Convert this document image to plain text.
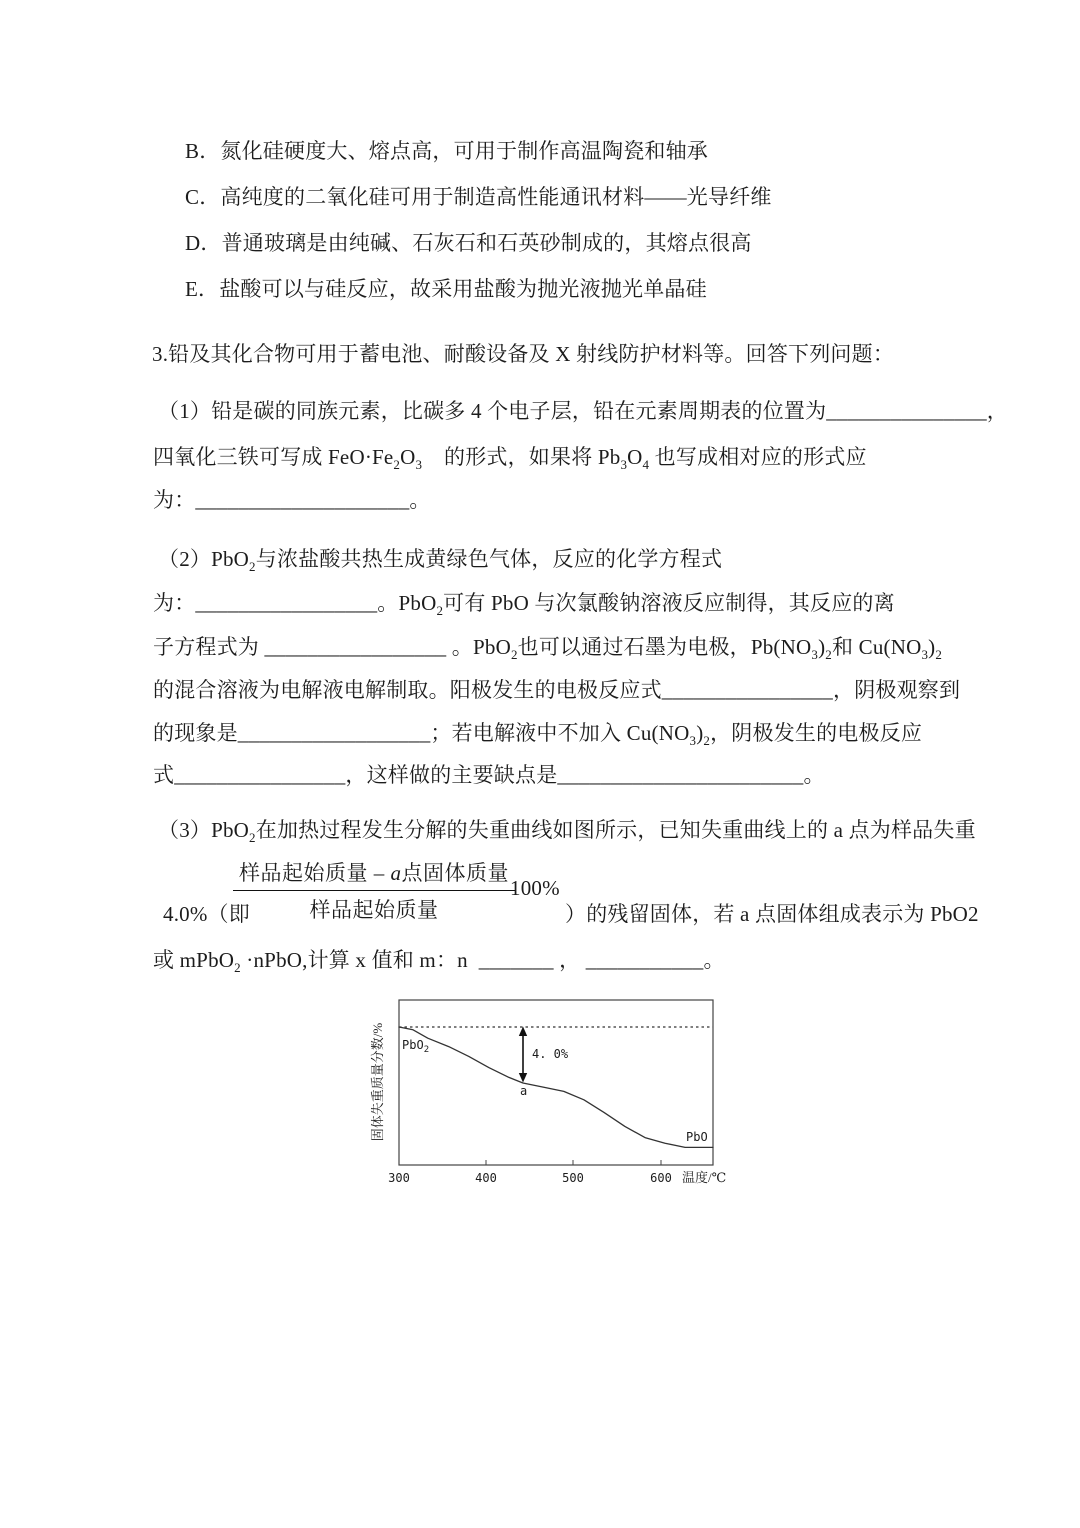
B．氮化硅硬度大、熔点高，可用于制作高温陶瓷和轴承
C．高纯度的二氧化硅可用于制造高性能通讯材料——光导纤维
D．普通玻璃是由纯碱、石灰石和石英砂制成的，其熔点很高
E．盐酸可以与硅反应，故采用盐酸为抛光液抛光单晶硅
3.铅及其化合物可用于蓄电池、耐酸设备及 X 射线防护材料等。回答下列问题：
（1）铅是碳的同族元素，比碳多 4 个电子层，铅在元素周期表的位置为_______________，
四氧化三铁可写成 $FeO\cdot Fe_2O_3$    的形式，如果将 $Pb_3O_4$ 也写成相对应的形式应
为：____________________。
（2）PbO$_2$与浓盐酸共热生成黄绿色气体，反应的化学方程式
为：_________________。PbO$_2$可有 PbO 与次氯酸钠溶液反应制得，其反应的离
子方程式为 _________________ 。PbO$_2$也可以通过石墨为电极，$Pb(NO_3)_2$和 $Cu(NO_3)_2$
的混合溶液为电解液电解制取。阳极发生的电极反应式________________，阴极观察到
的现象是__________________；若电解液中不加入 $Cu(NO_3)_2$，阴极发生的电极反应
式________________，这样做的主要缺点是_______________________。
（3）PbO$_2$在加热过程发生分解的失重曲线如图所示，已知失重曲线上的 a 点为样品失重
4.0%（即
样品起始质量 – a点固体质量
样品起始质量
100%
）的残留固体，若 a 点固体组成表示为 PbO2
或 mPbO$_2$ ·nPbO,计算 x 值和 m：n  _______ ， ___________。
4. 0%
a
PbO$_2$
PbO
300	400	500	600 温度/℃
固体失重质量分数/%
